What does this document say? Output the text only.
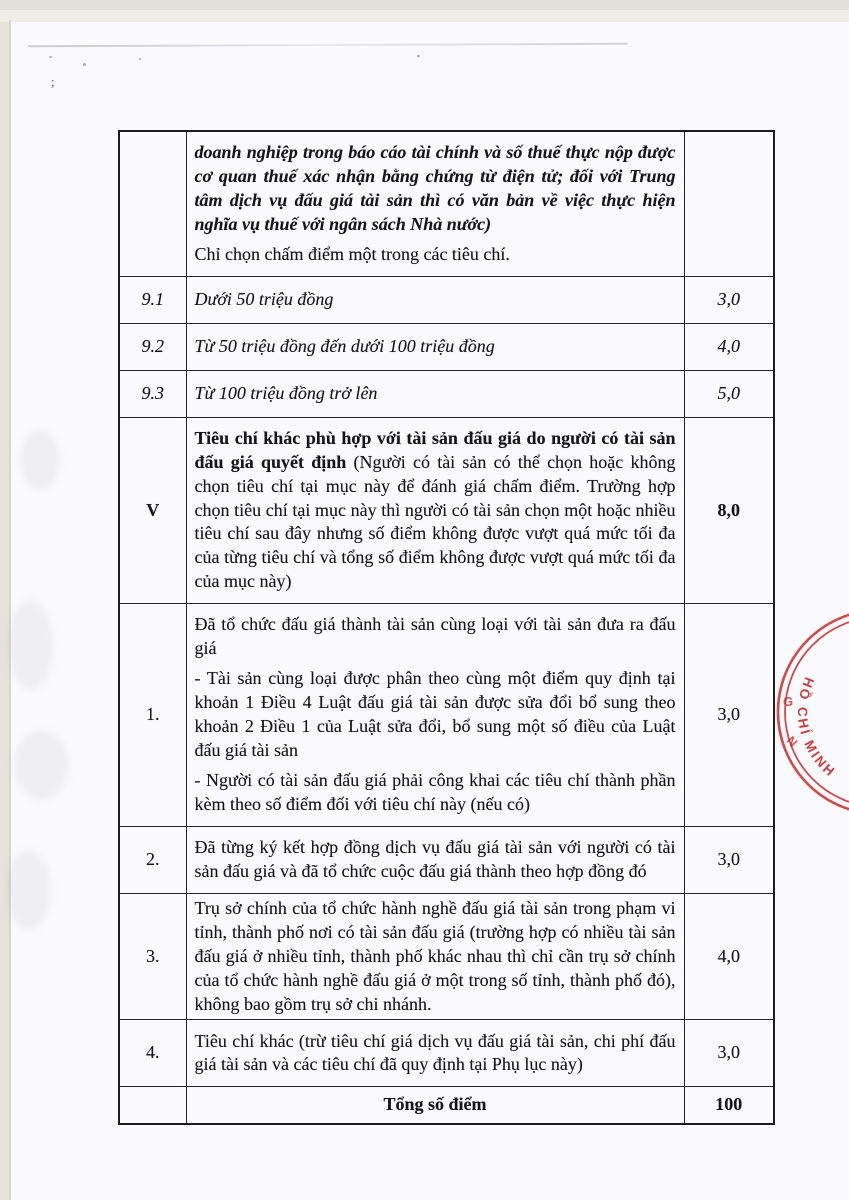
;

	doanh nghiệp trong báo cáo tài chính và số thuế thực nộp được cơ quan thuế xác nhận bằng chứng từ điện tử; đối với Trung tâm dịch vụ đấu giá tài sản thì có văn bản về việc thực hiện nghĩa vụ thuế với ngân sách Nhà nước)

Chỉ chọn chấm điểm một trong các tiêu chí.	

9.1	Dưới 50 triệu đồng	3,0
9.2	Từ 50 triệu đồng đến dưới 100 triệu đồng	4,0
9.3	Từ 100 triệu đồng trở lên	5,0
V	Tiêu chí khác phù hợp với tài sản đấu giá do người có tài sản đấu giá quyết định (Người có tài sản có thể chọn hoặc không chọn tiêu chí tại mục này để đánh giá chấm điểm. Trường hợp chọn tiêu chí tại mục này thì người có tài sản chọn một hoặc nhiều tiêu chí sau đây nhưng số điểm không được vượt quá mức tối đa của từng tiêu chí và tổng số điểm không được vượt quá mức tối đa của mục này)	8,0
1.	Đã tổ chức đấu giá thành tài sản cùng loại với tài sản đưa ra đấu giá

- Tài sản cùng loại được phân theo cùng một điểm quy định tại khoản 1 Điều 4 Luật đấu giá tài sản được sửa đổi bổ sung theo khoản 2 Điều 1 của Luật sửa đổi, bổ sung một số điều của Luật đấu giá tài sản

- Người có tài sản đấu giá phải công khai các tiêu chí thành phần kèm theo số điểm đối với tiêu chí này (nếu có)	3,0
2.	Đã từng ký kết hợp đồng dịch vụ đấu giá tài sản với người có tài sản đấu giá và đã tổ chức cuộc đấu giá thành theo hợp đồng đó	3,0
3.	Trụ sở chính của tổ chức hành nghề đấu giá tài sản trong phạm vi tỉnh, thành phố nơi có tài sản đấu giá (trường hợp có nhiều tài sản đấu giá ở nhiều tỉnh, thành phố khác nhau thì chỉ cần trụ sở chính của tổ chức hành nghề đấu giá ở một trong số tỉnh, thành phố đó), không bao gồm trụ sở chi nhánh.	4,0
4.	Tiêu chí khác (trừ tiêu chí giá dịch vụ đấu giá tài sản, chi phí đấu giá tài sản và các tiêu chí đã quy định tại Phụ lục này)	3,0
	Tổng số điểm	100
HỒ CHÍ MINH
G
N
